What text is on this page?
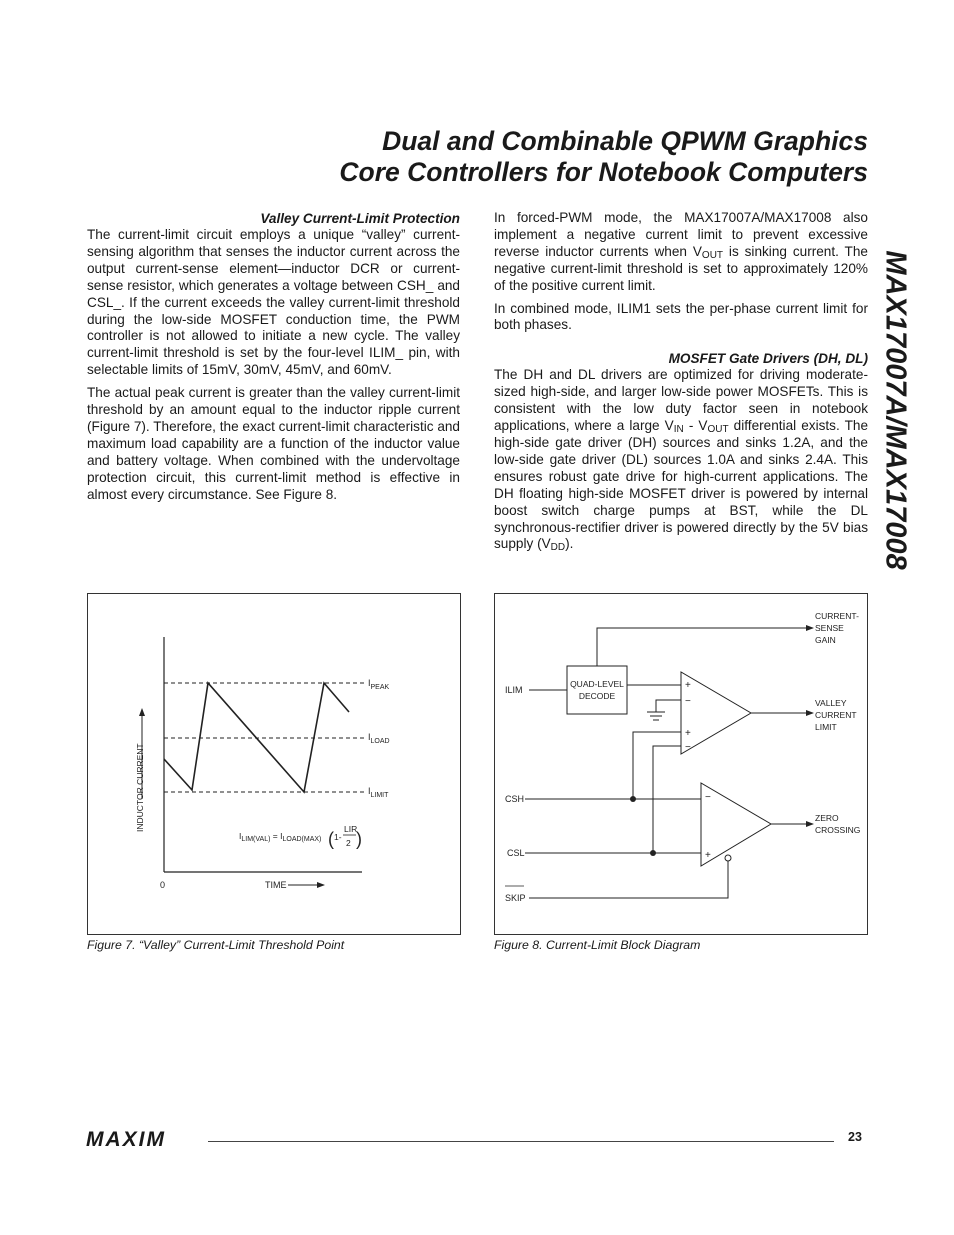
Dual and Combinable QPWM Graphics
Core Controllers for Notebook Computers
MAX17007A/MAX17008
Valley Current-Limit Protection

The current-limit circuit employs a unique “valley” current-sensing algorithm that senses the inductor current across the output current-sense element—inductor DCR or current-sense resistor, which generates a voltage between CSH_ and CSL_. If the current exceeds the valley current-limit threshold during the low-side MOSFET conduction time, the PWM controller is not allowed to initiate a new cycle. The valley current-limit threshold is set by the four-level ILIM_ pin, with selectable limits of 15mV, 30mV, 45mV, and 60mV.

The actual peak current is greater than the valley current-limit threshold by an amount equal to the inductor ripple current (Figure 7). Therefore, the exact current-limit characteristic and maximum load capability are a function of the inductor value and battery voltage. When combined with the undervoltage protection circuit, this current-limit method is effective in almost every circumstance. See Figure 8.

In forced-PWM mode, the MAX17007A/MAX17008 also implement a negative current limit to prevent excessive reverse inductor currents when $V_{OUT}$ is sinking current. The negative current-limit threshold is set to approximately 120% of the positive current limit.

In combined mode, ILIM1 sets the per-phase current limit for both phases.

MOSFET Gate Drivers (DH, DL)

The DH and DL drivers are optimized for driving moderate-sized high-side, and larger low-side power MOSFETs. This is consistent with the low duty factor seen in notebook applications, where a large $V_{IN} - V_{OUT}$ differential exists. The high-side gate driver (DH) sources and sinks 1.2A, and the low-side gate driver (DL) sources 1.0A and sinks 2.4A. This ensures robust gate drive for high-current applications. The DH floating high-side MOSFET driver is powered by internal boost switch charge pumps at BST, while the DL synchronous-rectifier driver is powered directly by the 5V bias supply $(V_{DD})$.

INDUCTOR CURRENT
0	TIME
$I_{PEAK}$
$I_{LOAD}$
$I_{LIMIT}$
$I_{LIM(VAL)} = I_{LOAD(MAX)}$ ( 1-
LIR
2 )
Figure 7. “Valley” Current-Limit Threshold Point
ILIM
CSH
CSL
SKIP
QUAD-LEVEL
DECODE
CURRENT-
SENSE
GAIN
+
−
+
−
VALLEY
CURRENT
LIMIT
−
+
ZERO
CROSSING
Figure 8. Current-Limit Block Diagram
MAXIM	23
